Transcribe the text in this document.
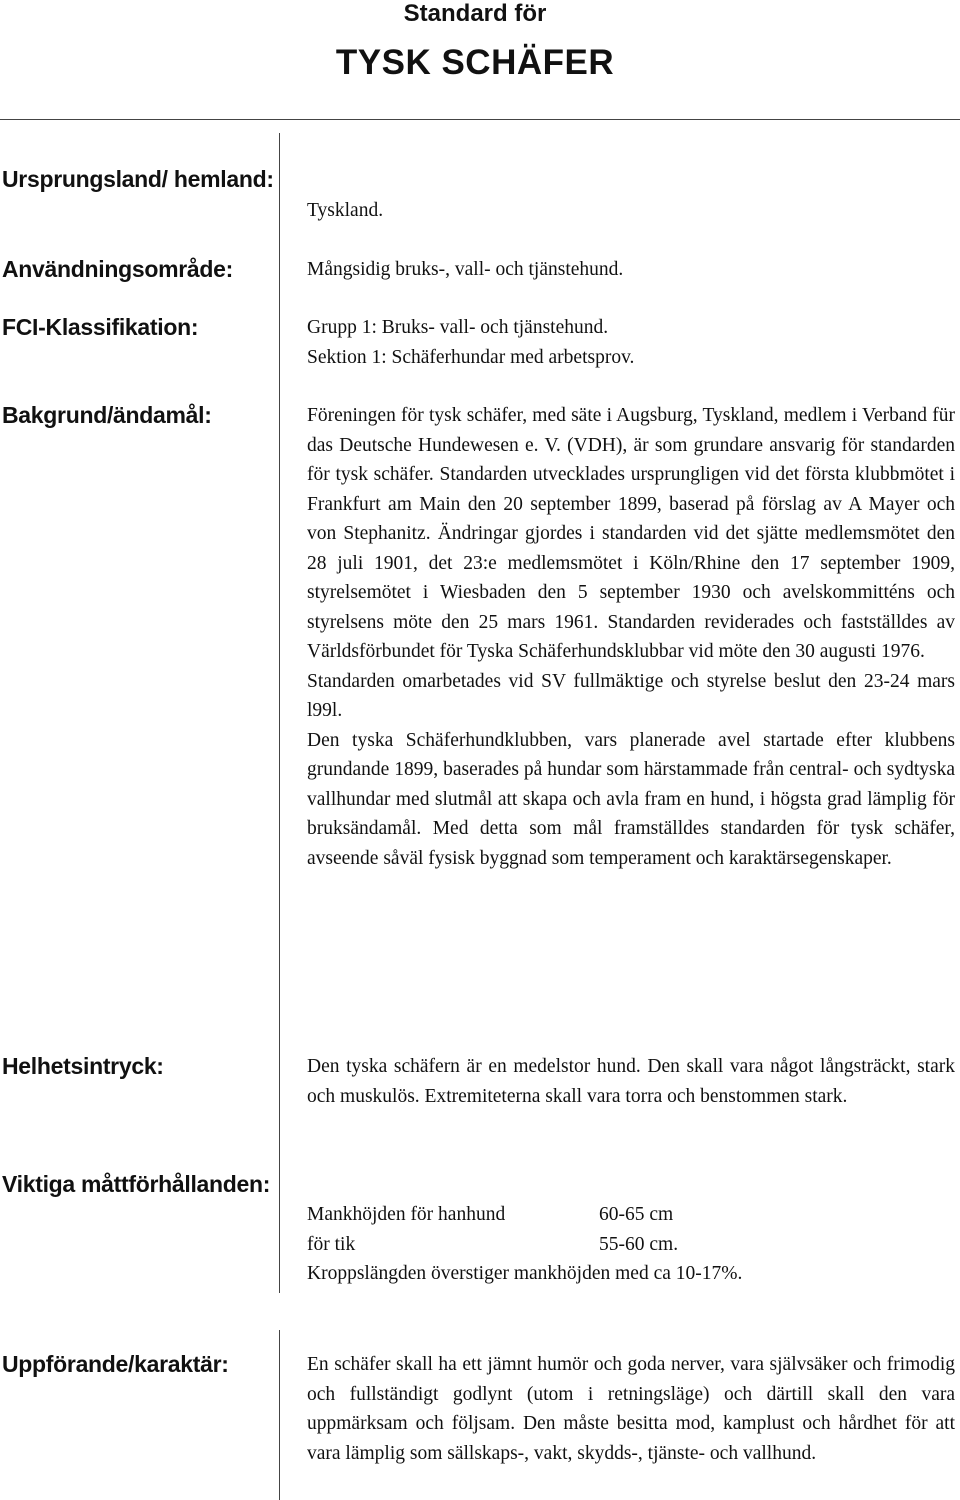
Standard för
TYSK SCHÄFER
Ursprungsland/ hemland:
Tyskland.
Användningsområde:	Mångsidig bruks-, vall- och tjänstehund.
FCI-Klassifikation:	Grupp 1: Bruks- vall- och tjänstehund.

Sektion 1: Schäferhundar med arbetsprov.

Bakgrund/ändamål:	Föreningen för tysk schäfer, med säte i Augsburg, Tyskland, medlem i Verband für das Deutsche Hundewesen e. V. (VDH), är som grundare ansvarig för standarden för tysk schäfer. Standarden utvecklades ursprungligen vid det första klubbmötet i Frankfurt am Main den 20 september 1899, baserad på förslag av A Mayer och von Stephanitz. Ändringar gjordes i standarden vid det sjätte medlemsmötet den 28 juli 1901, det 23:e medlemsmötet i Köln/Rhine den 17 september 1909, styrelsemötet i Wiesbaden den 5 september 1930 och avelskommitténs och styrelsens möte den 25 mars 1961. Standarden reviderades och fastställdes av Världsförbundet för Tyska Schäferhundsklubbar vid möte den 30 augusti 1976.

Standarden omarbetades vid SV fullmäktige och styrelse beslut den 23-24 mars l99l.

Den tyska Schäferhundklubben, vars planerade avel startade efter klubbens grundande 1899, baserades på hundar som härstammade från central- och sydtyska vallhundar med slutmål att skapa och avla fram en hund, i högsta grad lämplig för bruksändamål. Med detta som mål framställdes standarden för tysk schäfer, avseende såväl fysisk byggnad som temperament och karaktärsegenskaper.

Helhetsintryck:	Den tyska schäfern är en medelstor hund. Den skall vara något långsträckt, stark och muskulös. Extremiteterna skall vara torra och benstommen stark.
Viktiga måttförhållanden:
Mankhöjden för hanhund	60-65 cm
för tik	55-60 cm.

Kroppslängden överstiger mankhöjden med ca 10-17%.

Uppförande/karaktär:	En schäfer skall ha ett jämnt humör och goda nerver, vara självsäker och frimodig och fullständigt godlynt (utom i retningsläge) och därtill skall den vara uppmärksam och följsam. Den måste besitta mod, kamplust och hårdhet för att vara lämplig som sällskaps-, vakt, skydds-, tjänste- och vallhund.
